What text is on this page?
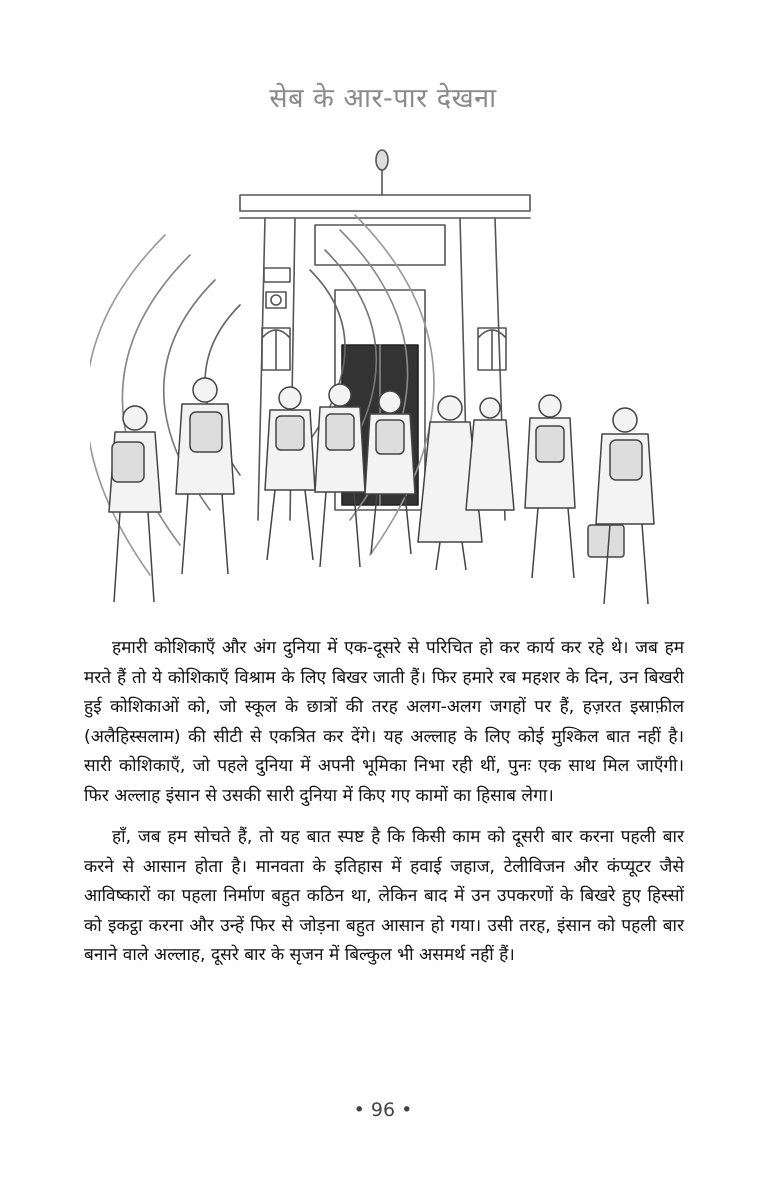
सेब के आर-पार देखना

हमारी कोशिकाएँ और अंग दुनिया में एक-दूसरे से परिचित हो कर कार्य कर रहे थे। जब हम मरते हैं तो ये कोशिकाएँ विश्राम के लिए बिखर जाती हैं। फिर हमारे रब महशर के दिन, उन बिखरी हुई कोशिकाओं को, जो स्कूल के छात्रों की तरह अलग-अलग जगहों पर हैं, हज़रत इस्राफ़ील (अलैहिस्सलाम) की सीटी से एकत्रित कर देंगे। यह अल्लाह के लिए कोई मुश्किल बात नहीं है। सारी कोशिकाएँ, जो पहले दुनिया में अपनी भूमिका निभा रही थीं, पुनः एक साथ मिल जाएँगी। फिर अल्लाह इंसान से उसकी सारी दुनिया में किए गए कामों का हिसाब लेगा।

हाँ, जब हम सोचते हैं, तो यह बात स्पष्ट है कि किसी काम को दूसरी बार करना पहली बार करने से आसान होता है। मानवता के इतिहास में हवाई जहाज, टेलीविजन और कंप्यूटर जैसे आविष्कारों का पहला निर्माण बहुत कठिन था, लेकिन बाद में उन उपकरणों के बिखरे हुए हिस्सों को इकट्ठा करना और उन्हें फिर से जोड़ना बहुत आसान हो गया। उसी तरह, इंसान को पहली बार बनाने वाले अल्लाह, दूसरे बार के सृजन में बिल्कुल भी असमर्थ नहीं हैं।

• 96 •
